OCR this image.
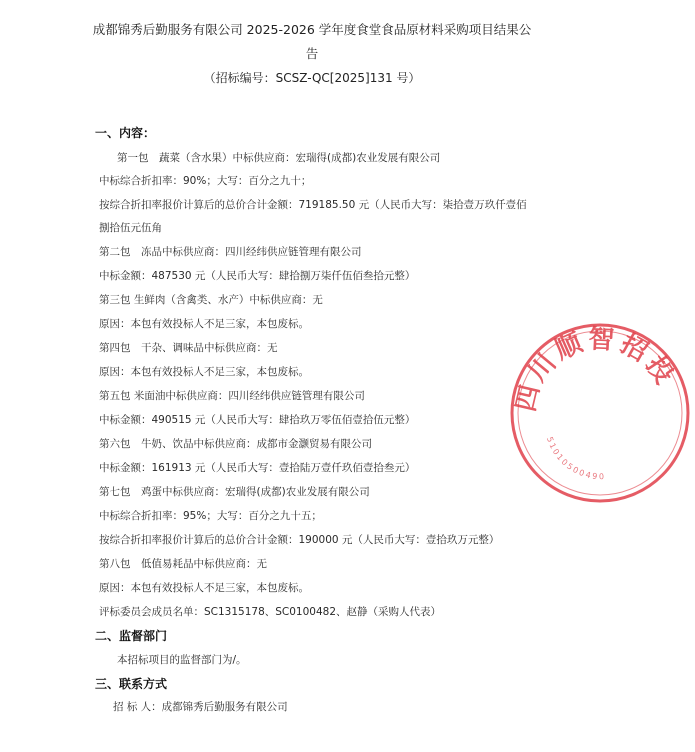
成都锦秀后勤服务有限公司 2025-2026 学年度食堂食品原材料采购项目结果公
告
（招标编号：SCSZ-QC[2025]131 号）
一、内容：
第一包　蔬菜（含水果）中标供应商：宏瑞得(成都)农业发展有限公司
中标综合折扣率：90%；大写：百分之九十；
按综合折扣率报价计算后的总价合计金额：719185.50 元（人民币大写：柒拾壹万玖仟壹佰
捌拾伍元伍角
第二包　冻品中标供应商：四川经纬供应链管理有限公司
中标金额：487530 元（人民币大写：肆拾捌万柒仟伍佰叁拾元整）
第三包 生鲜肉（含禽类、水产）中标供应商：无
原因：本包有效投标人不足三家，本包废标。
第四包　干杂、调味品中标供应商：无
原因：本包有效投标人不足三家，本包废标。
第五包 米面油中标供应商：四川经纬供应链管理有限公司
中标金额：490515 元（人民币大写：肆拾玖万零伍佰壹拾伍元整）
第六包　牛奶、饮品中标供应商：成都市金灏贸易有限公司
中标金额：161913 元（人民币大写：壹拾陆万壹仟玖佰壹拾叁元）
第七包　鸡蛋中标供应商：宏瑞得(成都)农业发展有限公司
中标综合折扣率：95%；大写：百分之九十五；
按综合折扣率报价计算后的总价合计金额：190000 元（人民币大写：壹拾玖万元整）
第八包　低值易耗品中标供应商：无
原因：本包有效投标人不足三家，本包废标。
评标委员会成员名单：SC1315178、SC0100482、赵静（采购人代表）
二、监督部门
本招标项目的监督部门为/。
三、联系方式
招 标 人：成都锦秀后勤服务有限公司
四川顺智招投
51010500490
